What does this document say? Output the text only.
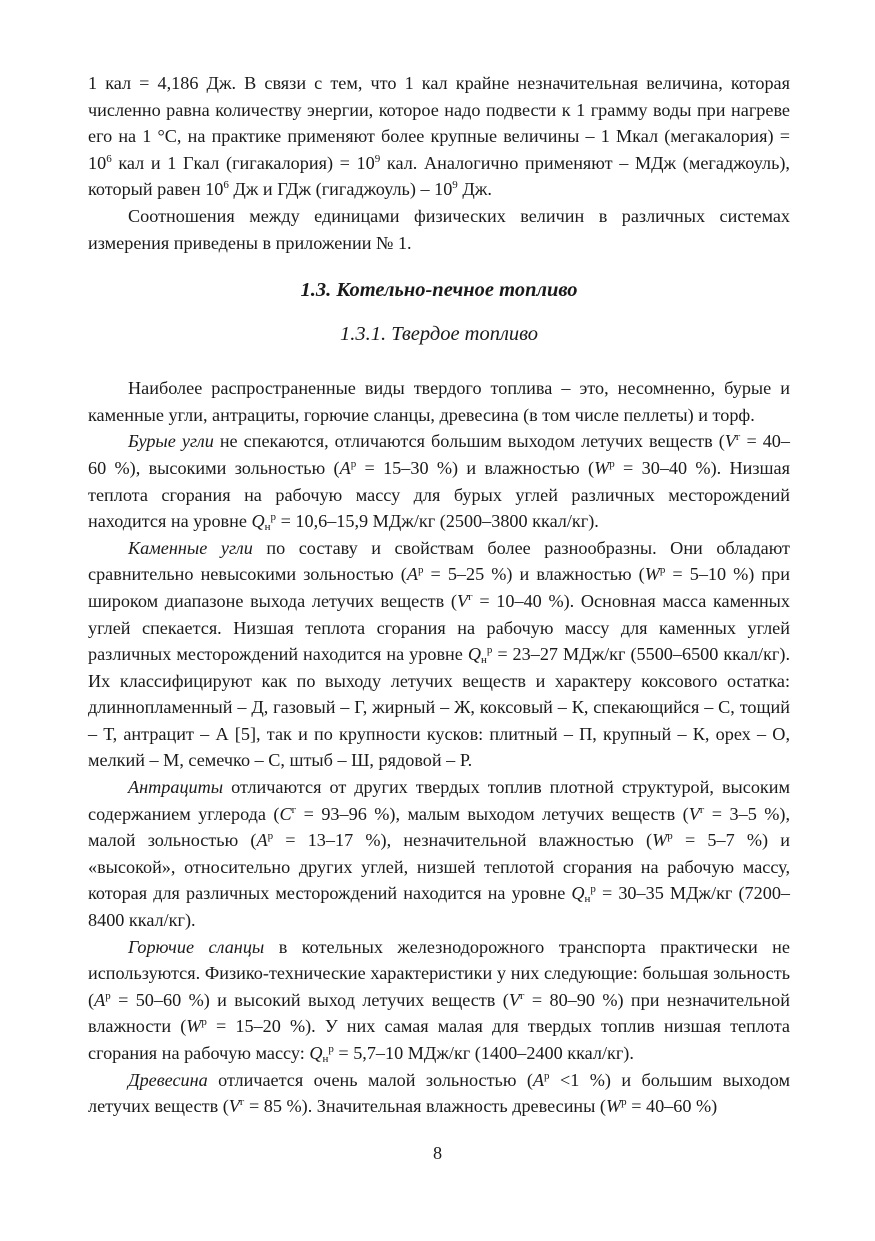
1 кал = 4,186 Дж. В связи с тем, что 1 кал крайне незначительная величина, которая численно равна количеству энергии, которое надо подвести к 1 грамму воды при нагреве его на 1 °С, на практике применяют более крупные величины – 1 Мкал (мегакалория) = $10^6$ кал и 1 Гкал (гигакалория) = $10^9$ кал. Аналогично применяют – МДж (мегаджоуль), который равен $10^6$ Дж и ГДж (гигаджоуль) – $10^9$ Дж.

Соотношения между единицами физических величин в различных системах измерения приведены в приложении № 1.

1.3. Котельно-печное топливо
1.3.1. Твердое топливо

Наиболее распространенные виды твердого топлива – это, несомненно, бурые и каменные угли, антрациты, горючие сланцы, древесина (в том числе пеллеты) и торф.

Бурые угли не спекаются, отличаются большим выходом летучих веществ ($V^г = 40-60$ %), высокими зольностью ($A^р = 15-30$ %) и влажностью ($W^р = 30-40$ %). Низшая теплота сгорания на рабочую массу для бурых углей различных месторождений находится на уровне $Q_н^р = 10,6-15,9$ МДж/кг (2500–3800 ккал/кг).

Каменные угли по составу и свойствам более разнообразны. Они обладают сравнительно невысокими зольностью ($A^р = 5-25$ %) и влажностью ($W^р = 5-10$ %) при широком диапазоне выхода летучих веществ ($V^г = 10-40$ %). Основная масса каменных углей спекается. Низшая теплота сгорания на рабочую массу для каменных углей различных месторождений находится на уровне $Q_н^р = 23-27$ МДж/кг (5500–6500 ккал/кг). Их классифицируют как по выходу летучих веществ и характеру коксового остатка: длиннопламенный – Д, газовый – Г, жирный – Ж, коксовый – К, спекающийся – С, тощий – Т, антрацит – А [5], так и по крупности кусков: плитный – П, крупный – К, орех – О, мелкий – М, семечко – С, штыб – Ш, рядовой – Р.

Антрациты отличаются от других твердых топлив плотной структурой, высоким содержанием углерода ($C^г = 93-96$ %), малым выходом летучих веществ ($V^г = 3-5$ %), малой зольностью ($A^р = 13-17$ %), незначительной влажностью ($W^р = 5-7$ %) и «высокой», относительно других углей, низшей теплотой сгорания на рабочую массу, которая для различных месторождений находится на уровне $Q_н^р = 30-35$ МДж/кг (7200–8400 ккал/кг).

Горючие сланцы в котельных железнодорожного транспорта практически не используются. Физико-технические характеристики у них следующие: большая зольность ($A^р = 50-60$ %) и высокий выход летучих веществ ($V^г = 80-90$ %) при незначительной влажности ($W^р = 15-20$ %). У них самая малая для твердых топлив низшая теплота сгорания на рабочую массу: $Q_н^р = 5,7-10$ МДж/кг (1400–2400 ккал/кг).

Древесина отличается очень малой зольностью ($A^р <1$ %) и большим выходом летучих веществ ($V^г = 85$ %). Значительная влажность древесины ($W^р = 40-60$ %)

8
